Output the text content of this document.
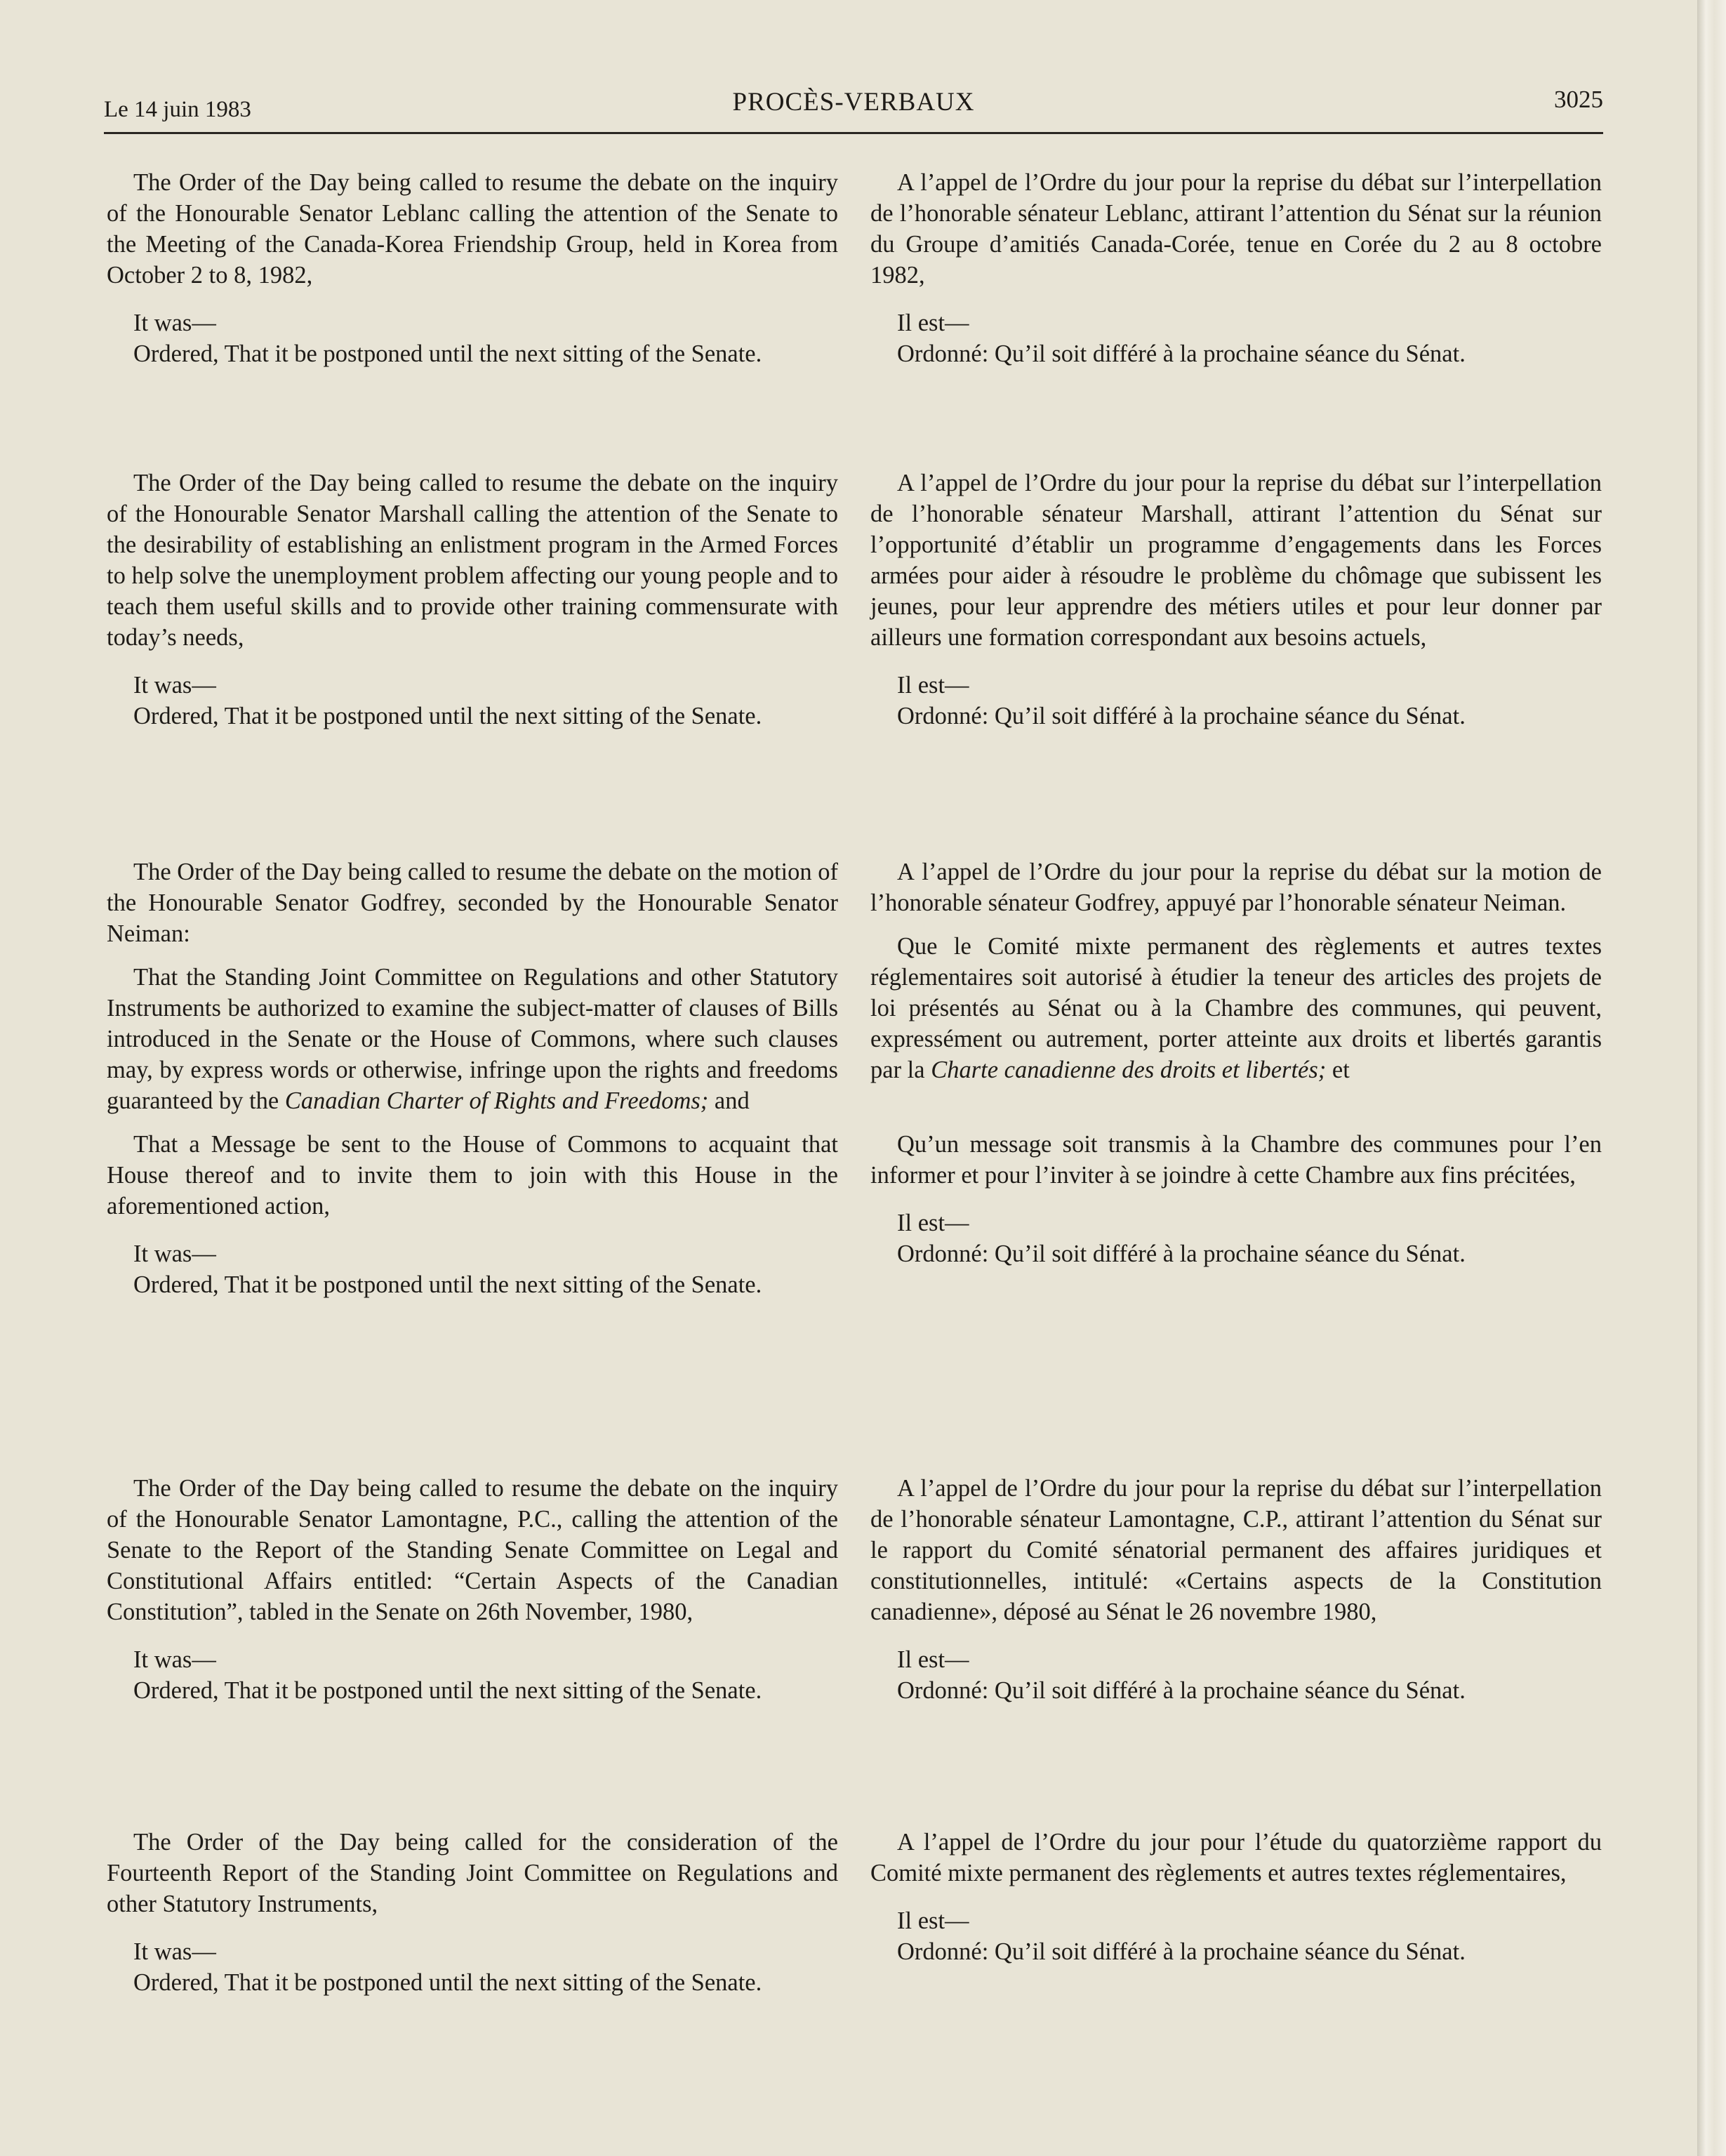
Le 14 juin 1983	PROCÈS-VERBAUX	3025

The Order of the Day being called to resume the debate on the inquiry of the Honourable Senator Leblanc calling the attention of the Senate to the Meeting of the Canada-Korea Friendship Group, held in Korea from October 2 to 8, 1982,

It was—
Ordered, That it be postponed until the next sitting of the Senate.

The Order of the Day being called to resume the debate on the inquiry of the Honourable Senator Marshall calling the attention of the Senate to the desirability of establishing an enlistment program in the Armed Forces to help solve the unemployment problem affecting our young people and to teach them useful skills and to provide other training commensurate with today’s needs,

It was—
Ordered, That it be postponed until the next sitting of the Senate.

The Order of the Day being called to resume the debate on the motion of the Honourable Senator Godfrey, seconded by the Honourable Senator Neiman:

That the Standing Joint Committee on Regulations and other Statutory Instruments be authorized to examine the subject-matter of clauses of Bills introduced in the Senate or the House of Commons, where such clauses may, by express words or otherwise, infringe upon the rights and freedoms guaranteed by the Canadian Charter of Rights and Freedoms; and

That a Message be sent to the House of Commons to acquaint that House thereof and to invite them to join with this House in the aforementioned action,

It was—
Ordered, That it be postponed until the next sitting of the Senate.

The Order of the Day being called to resume the debate on the inquiry of the Honourable Senator Lamontagne, P.C., calling the attention of the Senate to the Report of the Standing Senate Committee on Legal and Constitutional Affairs entitled: “Certain Aspects of the Canadian Constitution”, tabled in the Senate on 26th November, 1980,

It was—
Ordered, That it be postponed until the next sitting of the Senate.

The Order of the Day being called for the consideration of the Fourteenth Report of the Standing Joint Committee on Regulations and other Statutory Instruments,

It was—
Ordered, That it be postponed until the next sitting of the Senate.

A l’appel de l’Ordre du jour pour la reprise du débat sur l’interpellation de l’honorable sénateur Leblanc, attirant l’attention du Sénat sur la réunion du Groupe d’amitiés Canada-Corée, tenue en Corée du 2 au 8 octobre 1982,

Il est—
Ordonné: Qu’il soit différé à la prochaine séance du Sénat.

A l’appel de l’Ordre du jour pour la reprise du débat sur l’interpellation de l’honorable sénateur Marshall, attirant l’attention du Sénat sur l’opportunité d’établir un programme d’engagements dans les Forces armées pour aider à résoudre le problème du chômage que subissent les jeunes, pour leur apprendre des métiers utiles et pour leur donner par ailleurs une formation correspondant aux besoins actuels,

Il est—
Ordonné: Qu’il soit différé à la prochaine séance du Sénat.

A l’appel de l’Ordre du jour pour la reprise du débat sur la motion de l’honorable sénateur Godfrey, appuyé par l’honorable sénateur Neiman.

Que le Comité mixte permanent des règlements et autres textes réglementaires soit autorisé à étudier la teneur des articles des projets de loi présentés au Sénat ou à la Chambre des communes, qui peuvent, expressément ou autrement, porter atteinte aux droits et libertés garantis par la Charte canadienne des droits et libertés; et

Qu’un message soit transmis à la Chambre des communes pour l’en informer et pour l’inviter à se joindre à cette Chambre aux fins précitées,

Il est—
Ordonné: Qu’il soit différé à la prochaine séance du Sénat.

A l’appel de l’Ordre du jour pour la reprise du débat sur l’interpellation de l’honorable sénateur Lamontagne, C.P., attirant l’attention du Sénat sur le rapport du Comité sénatorial permanent des affaires juridiques et constitutionnelles, intitulé: «Certains aspects de la Constitution canadienne», déposé au Sénat le 26 novembre 1980,

Il est—
Ordonné: Qu’il soit différé à la prochaine séance du Sénat.

A l’appel de l’Ordre du jour pour l’étude du quatorzième rapport du Comité mixte permanent des règlements et autres textes réglementaires,

Il est—
Ordonné: Qu’il soit différé à la prochaine séance du Sénat.
